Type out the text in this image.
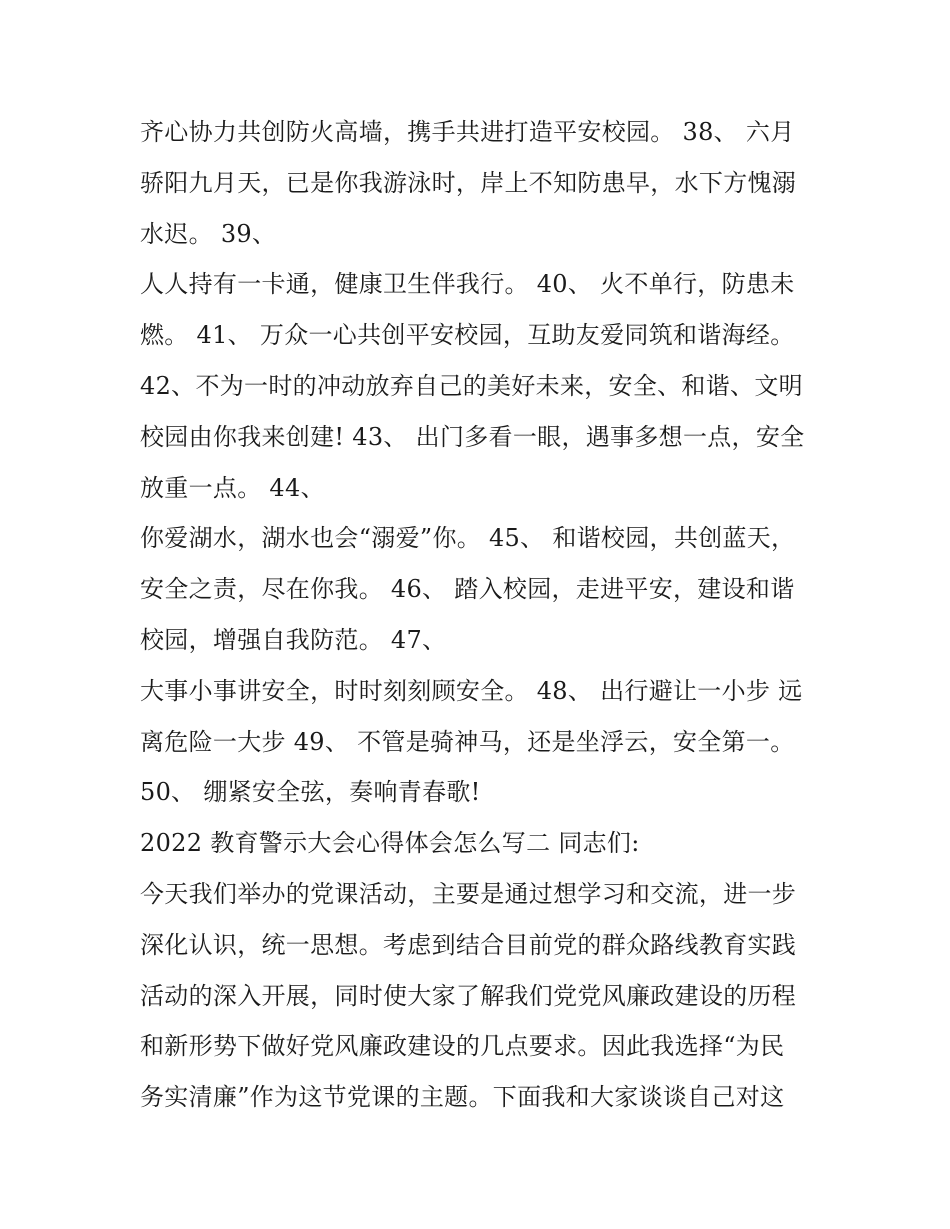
齐心协力共创防火高墙，携手共进打造平安校园。 38、 六月
骄阳九月天，已是你我游泳时，岸上不知防患早，水下方愧溺
水迟。 39、
人人持有一卡通，健康卫生伴我行。 40、 火不单行，防患未
燃。 41、 万众一心共创平安校园，互助友爱同筑和谐海经。
42、不为一时的冲动放弃自己的美好未来，安全、和谐、文明
校园由你我来创建! 43、 出门多看一眼，遇事多想一点，安全
放重一点。 44、
你爱湖水，湖水也会“溺爱”你。 45、 和谐校园，共创蓝天，
安全之责，尽在你我。 46、 踏入校园，走进平安，建设和谐
校园，增强自我防范。 47、
大事小事讲安全，时时刻刻顾安全。 48、 出行避让一小步 远
离危险一大步 49、 不管是骑神马，还是坐浮云，安全第一。
50、 绷紧安全弦，奏响青春歌!
2022 教育警示大会心得体会怎么写二 同志们:
今天我们举办的党课活动，主要是通过想学习和交流，进一步
深化认识，统一思想。考虑到结合目前党的群众路线教育实践
活动的深入开展，同时使大家了解我们党党风廉政建设的历程
和新形势下做好党风廉政建设的几点要求。因此我选择“为民
务实清廉”作为这节党课的主题。下面我和大家谈谈自己对这
